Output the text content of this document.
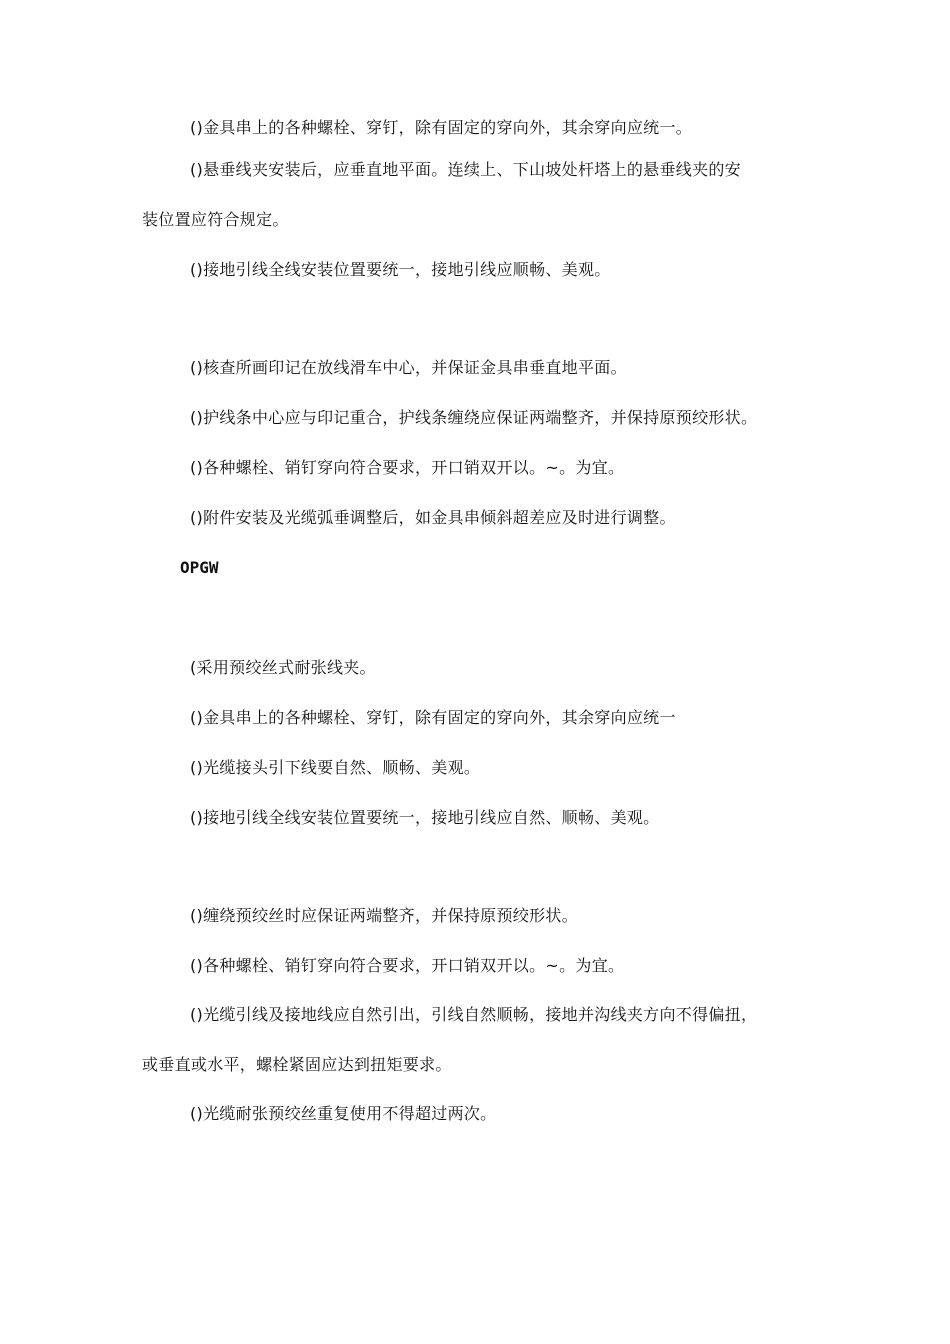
()金具串上的各种螺栓、穿钉，除有固定的穿向外，其余穿向应统一。
()悬垂线夹安装后，应垂直地平面。连续上、下山坡处杆塔上的悬垂线夹的安
装位置应符合规定。
()接地引线全线安装位置要统一，接地引线应顺畅、美观。
()核查所画印记在放线滑车中心，并保证金具串垂直地平面。
()护线条中心应与印记重合，护线条缠绕应保证两端整齐，并保持原预绞形状。
()各种螺栓、销钉穿向符合要求，开口销双开以。~。为宜。
()附件安装及光缆弧垂调整后，如金具串倾斜超差应及时进行调整。
OPGW
(采用预绞丝式耐张线夹。
()金具串上的各种螺栓、穿钉，除有固定的穿向外，其余穿向应统一
()光缆接头引下线要自然、顺畅、美观。
()接地引线全线安装位置要统一，接地引线应自然、顺畅、美观。
()缠绕预绞丝时应保证两端整齐，并保持原预绞形状。
()各种螺栓、销钉穿向符合要求，开口销双开以。~。为宜。
()光缆引线及接地线应自然引出，引线自然顺畅，接地并沟线夹方向不得偏扭，
或垂直或水平，螺栓紧固应达到扭矩要求。
()光缆耐张预绞丝重复使用不得超过两次。
